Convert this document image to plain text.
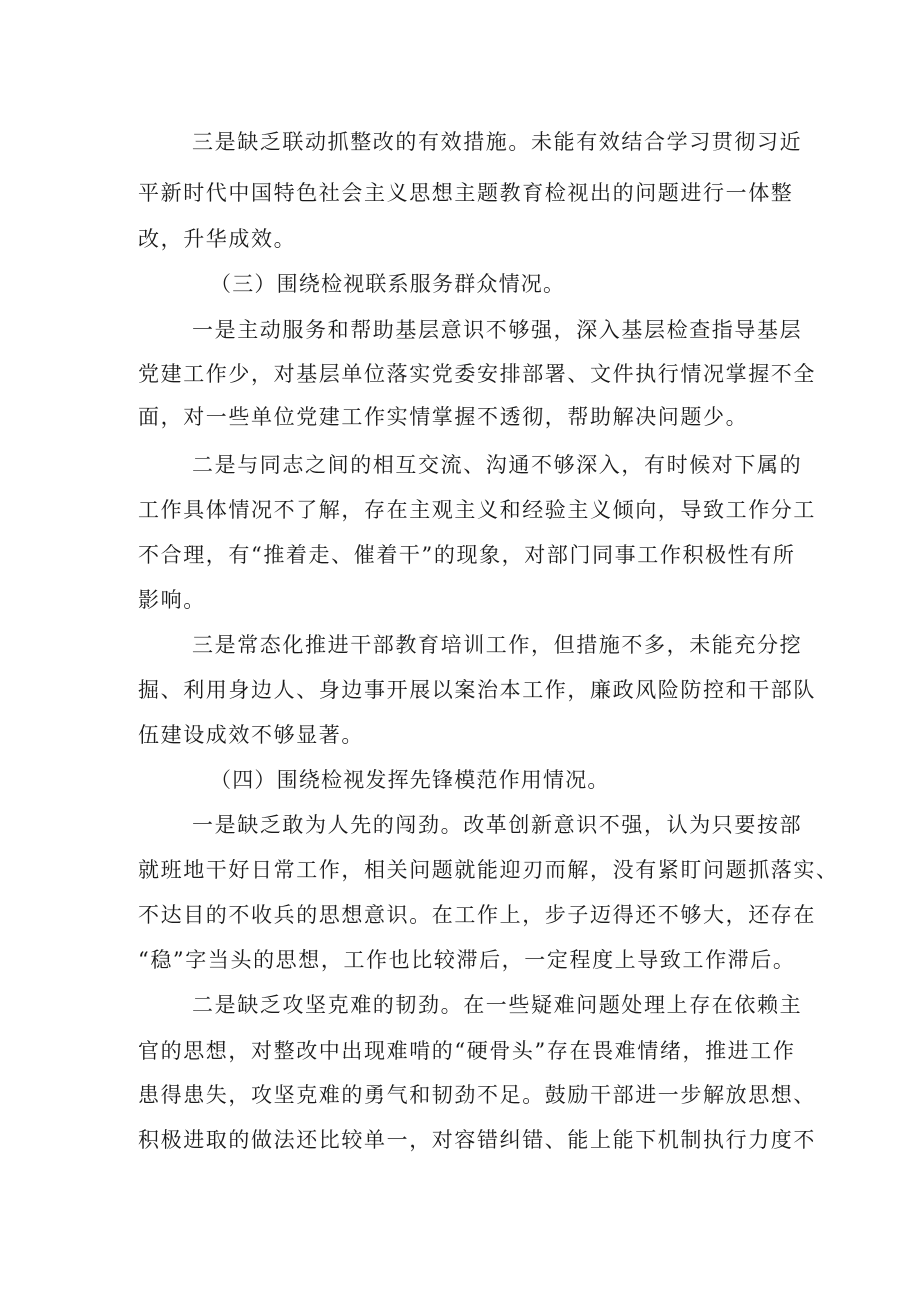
三是缺乏联动抓整改的有效措施。未能有效结合学习贯彻习近
平新时代中国特色社会主义思想主题教育检视出的问题进行一体整
改，升华成效。
（三）围绕检视联系服务群众情况。
一是主动服务和帮助基层意识不够强，深入基层检查指导基层
党建工作少，对基层单位落实党委安排部署、文件执行情况掌握不全
面，对一些单位党建工作实情掌握不透彻，帮助解决问题少。
二是与同志之间的相互交流、沟通不够深入，有时候对下属的
工作具体情况不了解，存在主观主义和经验主义倾向，导致工作分工
不合理，有“推着走、催着干”的现象，对部门同事工作积极性有所
影响。
三是常态化推进干部教育培训工作，但措施不多，未能充分挖
掘、利用身边人、身边事开展以案治本工作，廉政风险防控和干部队
伍建设成效不够显著。
（四）围绕检视发挥先锋模范作用情况。
一是缺乏敢为人先的闯劲。改革创新意识不强，认为只要按部
就班地干好日常工作，相关问题就能迎刃而解，没有紧盯问题抓落实、
不达目的不收兵的思想意识。在工作上，步子迈得还不够大，还存在
“稳”字当头的思想，工作也比较滞后，一定程度上导致工作滞后。
二是缺乏攻坚克难的韧劲。在一些疑难问题处理上存在依赖主
官的思想，对整改中出现难啃的“硬骨头”存在畏难情绪，推进工作
患得患失，攻坚克难的勇气和韧劲不足。鼓励干部进一步解放思想、
积极进取的做法还比较单一，对容错纠错、能上能下机制执行力度不
